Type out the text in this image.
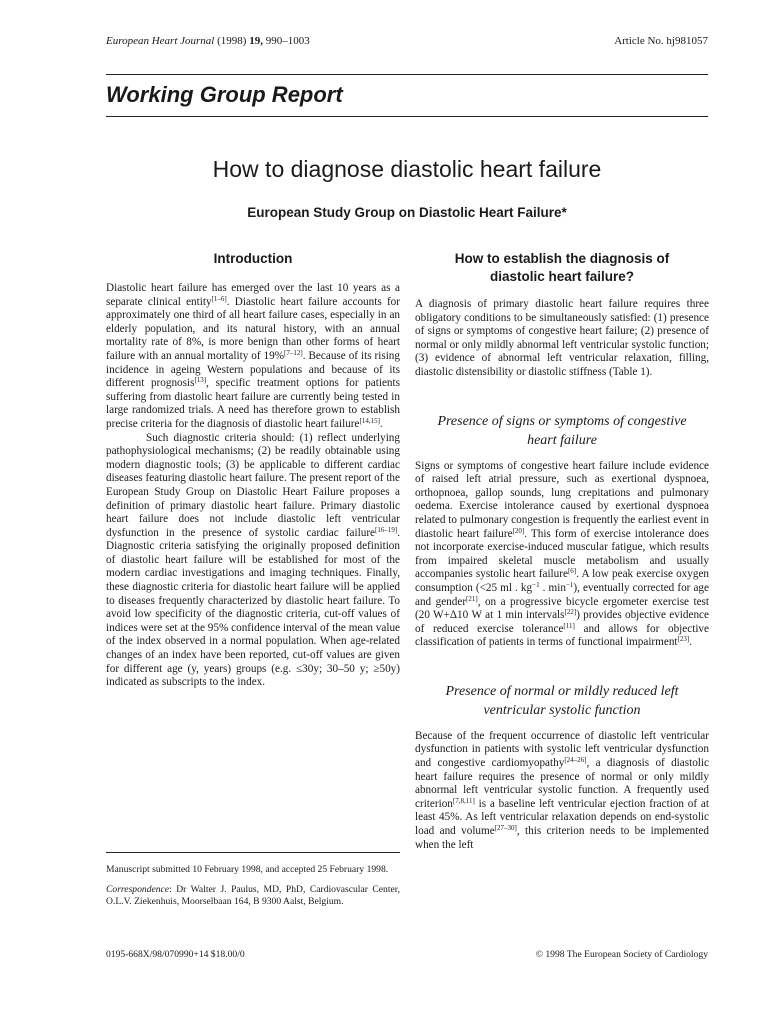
European Heart Journal (1998) 19, 990–1003	Article No. hj981057
Working Group Report
How to diagnose diastolic heart failure
European Study Group on Diastolic Heart Failure*
Introduction

Diastolic heart failure has emerged over the last 10 years as a separate clinical entity[1–6]. Diastolic heart failure accounts for approximately one third of all heart failure cases, especially in an elderly population, and its natural history, with an annual mortality rate of 8%, is more benign than other forms of heart failure with an annual mortality of 19%[7–12]. Because of its rising incidence in ageing Western populations and because of its different prognosis[13], specific treatment options for patients suffering from diastolic heart failure are currently being tested in large randomized trials. A need has therefore grown to establish precise criteria for the diagnosis of diastolic heart failure[14,15].

Such diagnostic criteria should: (1) reflect underlying pathophysiological mechanisms; (2) be readily obtainable using modern diagnostic tools; (3) be applicable to different cardiac diseases featuring diastolic heart failure. The present report of the European Study Group on Diastolic Heart Failure proposes a definition of primary diastolic heart failure. Primary diastolic heart failure does not include diastolic left ventricular dysfunction in the presence of systolic cardiac failure[16–19]. Diagnostic criteria satisfying the originally proposed definition of diastolic heart failure will be established for most of the modern cardiac investigations and imaging techniques. Finally, these diagnostic criteria for diastolic heart failure will be applied to diseases frequently characterized by diastolic heart failure. To avoid low specificity of the diagnostic criteria, cut-off values of indices were set at the 95% confidence interval of the mean value of the index observed in a normal population. When age-related changes of an index have been reported, cut-off values are given for different age (y, years) groups (e.g. ≤30y; 30–50 y; ≥50y) indicated as subscripts to the index.

Manuscript submitted 10 February 1998, and accepted 25 February 1998.

Correspondence: Dr Walter J. Paulus, MD, PhD, Cardiovascular Center, O.L.V. Ziekenhuis, Moorselbaan 164, B 9300 Aalst, Belgium.

0195-668X/98/070990+14 $18.00/0
How to establish the diagnosis of diastolic heart failure?

A diagnosis of primary diastolic heart failure requires three obligatory conditions to be simultaneously satisfied: (1) presence of signs or symptoms of congestive heart failure; (2) presence of normal or only mildly abnormal left ventricular systolic function; (3) evidence of abnormal left ventricular relaxation, filling, diastolic distensibility or diastolic stiffness (Table 1).

Presence of signs or symptoms of congestive heart failure

Signs or symptoms of congestive heart failure include evidence of raised left atrial pressure, such as exertional dyspnoea, orthopnoea, gallop sounds, lung crepitations and pulmonary oedema. Exercise intolerance caused by exertional dyspnoea related to pulmonary congestion is frequently the earliest event in diastolic heart failure[20]. This form of exercise intolerance does not incorporate exercise-induced muscular fatigue, which results from impaired skeletal muscle metabolism and usually accompanies systolic heart failure[6]. A low peak exercise oxygen consumption (<25 ml . $kg^{-1}$ . $\min^{-1}$), eventually corrected for age and gender[21], on a progressive bicycle ergometer exercise test (20 W+Δ10 W at 1 min intervals[22]) provides objective evidence of reduced exercise tolerance[11] and allows for objective classification of patients in terms of functional impairment[23].

Presence of normal or mildly reduced left ventricular systolic function

Because of the frequent occurrence of diastolic left ventricular dysfunction in patients with systolic left ventricular dysfunction and congestive cardiomyopathy[24–26], a diagnosis of diastolic heart failure requires the presence of normal or only mildly abnormal left ventricular systolic function. A frequently used criterion[7,8,11] is a baseline left ventricular ejection fraction of at least 45%. As left ventricular relaxation depends on end-systolic load and volume[27–30], this criterion needs to be implemented when the left

© 1998 The European Society of Cardiology
